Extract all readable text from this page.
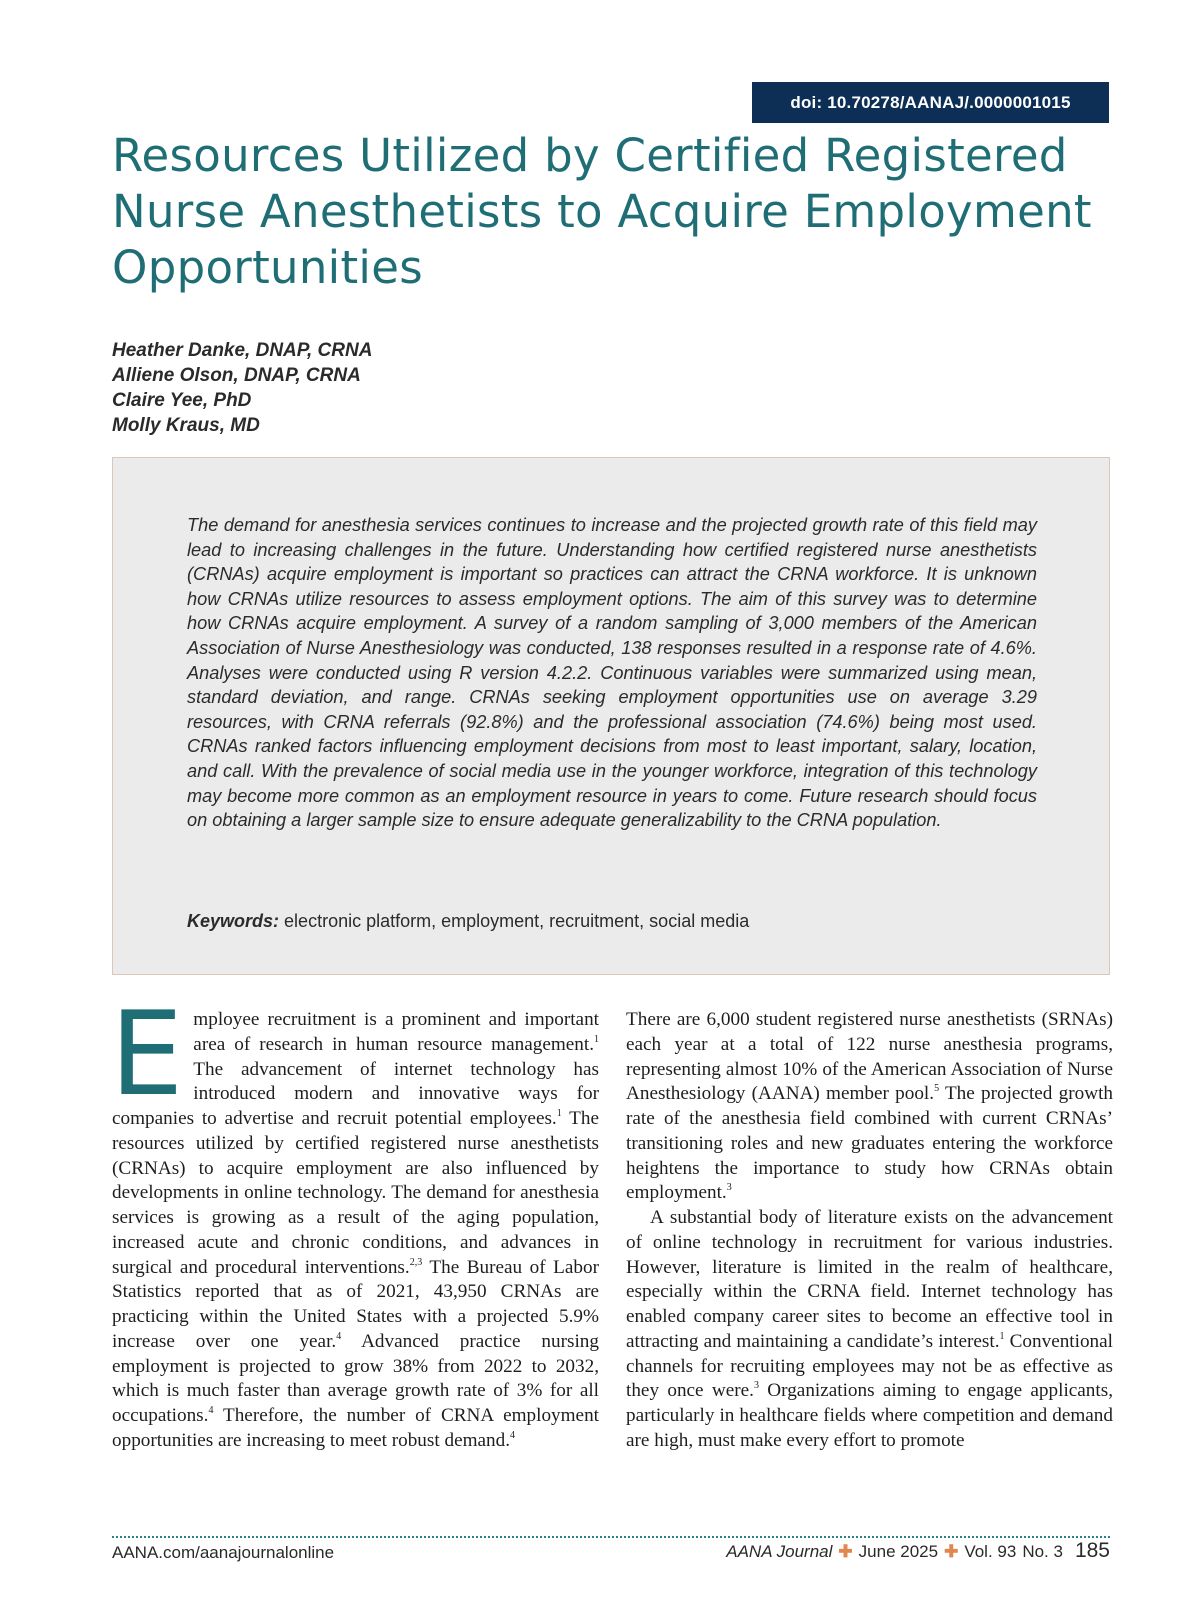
doi: 10.70278/AANAJ/.0000001015
Resources Utilized by Certified Registered Nurse Anesthetists to Acquire Employment Opportunities
Heather Danke, DNAP, CRNA
Alliene Olson, DNAP, CRNA
Claire Yee, PhD
Molly Kraus, MD

The demand for anesthesia services continues to increase and the projected growth rate of this field may lead to increasing challenges in the future. Understanding how certified registered nurse anesthetists (CRNAs) acquire employment is important so practices can attract the CRNA workforce. It is unknown how CRNAs utilize resources to assess employment options. The aim of this survey was to determine how CRNAs acquire employment. A survey of a random sampling of 3,000 members of the American Association of Nurse Anesthesiology was conducted, 138 responses resulted in a response rate of 4.6%. Analyses were conducted using R version 4.2.2. Continuous variables were summarized using mean, standard deviation, and range. CRNAs seeking employment opportunities use on average 3.29 resources, with CRNA referrals (92.8%) and the professional association (74.6%) being most used. CRNAs ranked factors influencing employment decisions from most to least important, salary, location, and call. With the prevalence of social media use in the younger workforce, integration of this technology may become more common as an employment resource in years to come. Future research should focus on obtaining a larger sample size to ensure adequate generalizability to the CRNA population.

Keywords: electronic platform, employment, recruitment, social media

Employee recruitment is a prominent and important area of research in human resource management.$^1$ The advancement of internet technology has introduced modern and innovative ways for companies to advertise and recruit potential employees.$^1$ The resources utilized by certified registered nurse anesthetists (CRNAs) to acquire employment are also influenced by developments in online technology. The demand for anesthesia services is growing as a result of the aging population, increased acute and chronic conditions, and advances in surgical and procedural interventions.$^{2,3}$ The Bureau of Labor Statistics reported that as of 2021, 43,950 CRNAs are practicing within the United States with a projected 5.9% increase over one year.$^4$ Advanced practice nursing employment is projected to grow 38% from 2022 to 2032, which is much faster than average growth rate of 3% for all occupations.$^4$ Therefore, the number of CRNA employment opportunities are increasing to meet robust demand.$^4$

There are 6,000 student registered nurse anesthetists (SRNAs) each year at a total of 122 nurse anesthesia programs, representing almost 10% of the American Association of Nurse Anesthesiology (AANA) member pool.$^5$ The projected growth rate of the anesthesia field combined with current CRNAs’ transitioning roles and new graduates entering the workforce heightens the importance to study how CRNAs obtain employment.$^3$

A substantial body of literature exists on the advancement of online technology in recruitment for various industries. However, literature is limited in the realm of healthcare, especially within the CRNA field. Internet technology has enabled company career sites to become an effective tool in attracting and maintaining a candidate’s interest.$^1$ Conventional channels for recruiting employees may not be as effective as they once were.$^3$ Organizations aiming to engage applicants, particularly in healthcare fields where competition and demand are high, must make every effort to promote

AANA.com/aanajournalonline	AANA Journal ✚ June 2025 ✚ Vol. 93 No. 3 185
